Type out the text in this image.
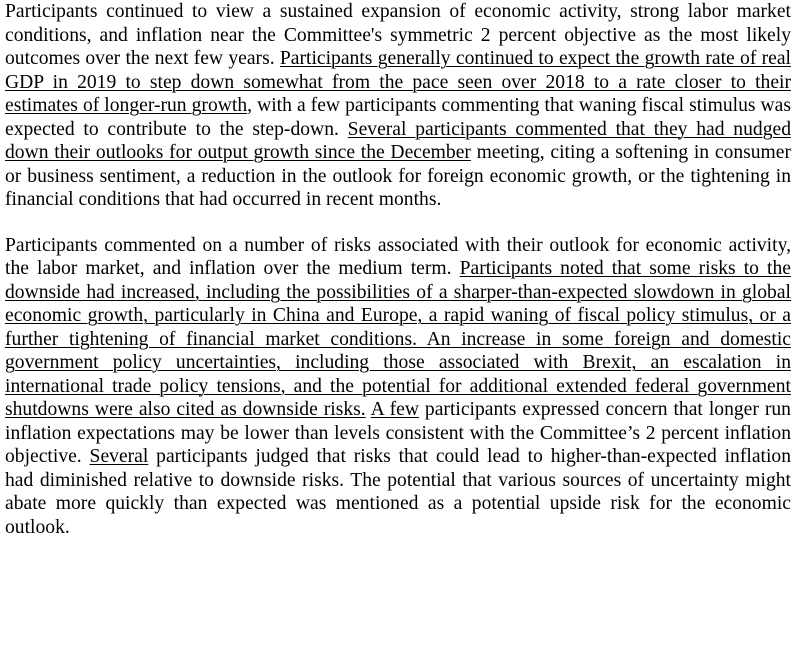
Participants continued to view a sustained expansion of economic activity, strong labor market conditions, and inflation near the Committee's symmetric 2 percent objective as the most likely outcomes over the next few years. Participants generally continued to expect the growth rate of real GDP in 2019 to step down somewhat from the pace seen over 2018 to a rate closer to their estimates of longer-run growth, with a few participants commenting that waning fiscal stimulus was expected to contribute to the step-down. Several participants commented that they had nudged down their outlooks for output growth since the December meeting, citing a softening in consumer or business sentiment, a reduction in the outlook for foreign economic growth, or the tightening in financial conditions that had occurred in recent months.

Participants commented on a number of risks associated with their outlook for economic activity, the labor market, and inflation over the medium term. Participants noted that some risks to the downside had increased, including the possibilities of a sharper-than-expected slowdown in global economic growth, particularly in China and Europe, a rapid waning of fiscal policy stimulus, or a further tightening of financial market conditions. An increase in some foreign and domestic government policy uncertainties, including those associated with Brexit, an escalation in international trade policy tensions, and the potential for additional extended federal government shutdowns were also cited as downside risks. A few participants expressed concern that longer run inflation expectations may be lower than levels consistent with the Committee’s 2 percent inflation objective. Several participants judged that risks that could lead to higher-than-expected inflation had diminished relative to downside risks. The potential that various sources of uncertainty might abate more quickly than expected was mentioned as a potential upside risk for the economic outlook.
